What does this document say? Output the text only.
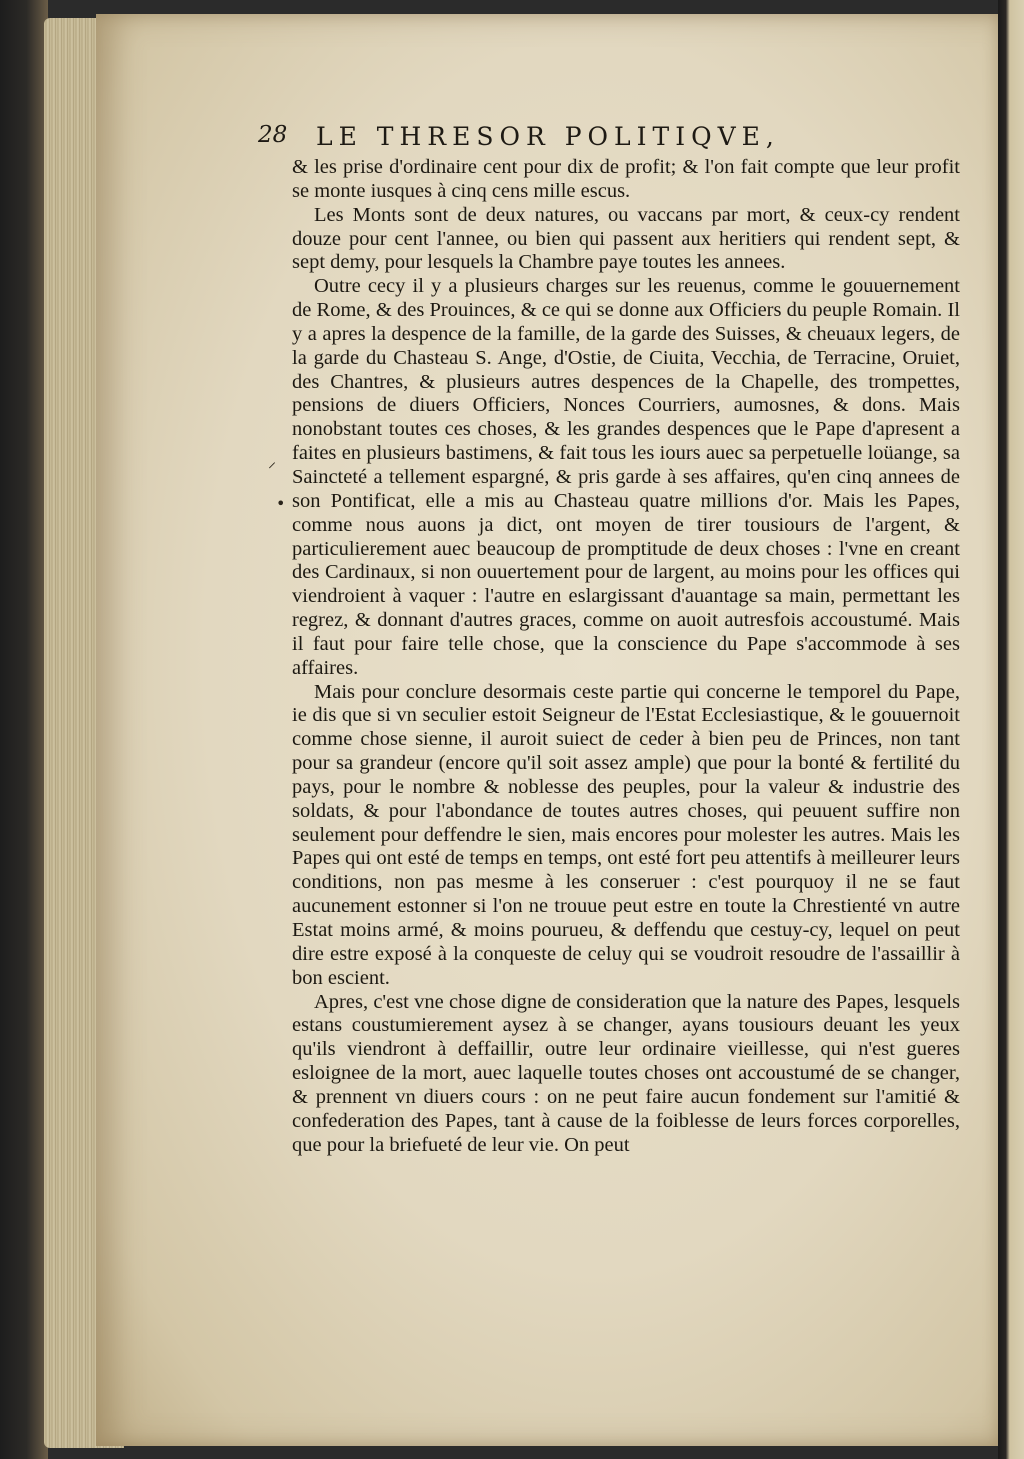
28 LE THRESOR POLITIQVE,

& les prise d'ordinaire cent pour dix de profit; & l'on fait compte que leur profit se monte iusques à cinq cens mille escus.

Les Monts sont de deux natures, ou vaccans par mort, & ceux-cy rendent douze pour cent l'annee, ou bien qui passent aux heritiers qui rendent sept, & sept demy, pour lesquels la Chambre paye toutes les annees.

Outre cecy il y a plusieurs charges sur les reuenus, comme le gouuernement de Rome, & des Prouinces, & ce qui se donne aux Officiers du peuple Romain. Il y a apres la despence de la famille, de la garde des Suisses, & cheuaux legers, de la garde du Chasteau S. Ange, d'Ostie, de Ciuita, Vecchia, de Terracine, Oruiet, des Chantres, & plusieurs autres despences de la Chapelle, des trompettes, pensions de diuers Officiers, Nonces Courriers, aumosnes, & dons. Mais nonobstant toutes ces choses, & les grandes despences que le Pape d'apresent a faites en plusieurs bastimens, & fait tous les iours auec sa perpetuelle loüange, sa Saincteté a tellement espargné, & pris garde à ses affaires, qu'en cinq annees de son Pontificat, elle a mis au Chasteau quatre millions d'or. Mais les Papes, comme nous auons ja dict, ont moyen de tirer tousiours de l'argent, & particulierement auec beaucoup de promptitude de deux choses : l'vne en creant des Cardinaux, si non ouuertement pour de largent, au moins pour les offices qui viendroient à vaquer : l'autre en eslargissant d'auantage sa main, permettant les regrez, & donnant d'autres graces, comme on auoit autresfois accoustumé. Mais il faut pour faire telle chose, que la conscience du Pape s'accommode à ses affaires.

Mais pour conclure desormais ceste partie qui concerne le temporel du Pape, ie dis que si vn seculier estoit Seigneur de l'Estat Ecclesiastique, & le gouuernoit comme chose sienne, il auroit suiect de ceder à bien peu de Princes, non tant pour sa grandeur (encore qu'il soit assez ample) que pour la bonté & fertilité du pays, pour le nombre & noblesse des peuples, pour la valeur & industrie des soldats, & pour l'abondance de toutes autres choses, qui peuuent suffire non seulement pour deffendre le sien, mais encores pour molester les autres. Mais les Papes qui ont esté de temps en temps, ont esté fort peu attentifs à meilleurer leurs conditions, non pas mesme à les conseruer : c'est pourquoy il ne se faut aucunement estonner si l'on ne trouue peut estre en toute la Chrestienté vn autre Estat moins armé, & moins pourueu, & deffendu que cestuy-cy, lequel on peut dire estre exposé à la conqueste de celuy qui se voudroit resoudre de l'assaillir à bon escient.

Apres, c'est vne chose digne de consideration que la nature des Papes, lesquels estans coustumierement aysez à se changer, ayans tousiours deuant les yeux qu'ils viendront à deffaillir, outre leur ordinaire vieillesse, qui n'est gueres esloignee de la mort, auec laquelle toutes choses ont accoustumé de se changer, & prennent vn diuers cours : on ne peut faire aucun fondement sur l'amitié & confederation des Papes, tant à cause de la foiblesse de leurs forces corporelles, que pour la briefueté de leur vie. On peut

⸝
•
